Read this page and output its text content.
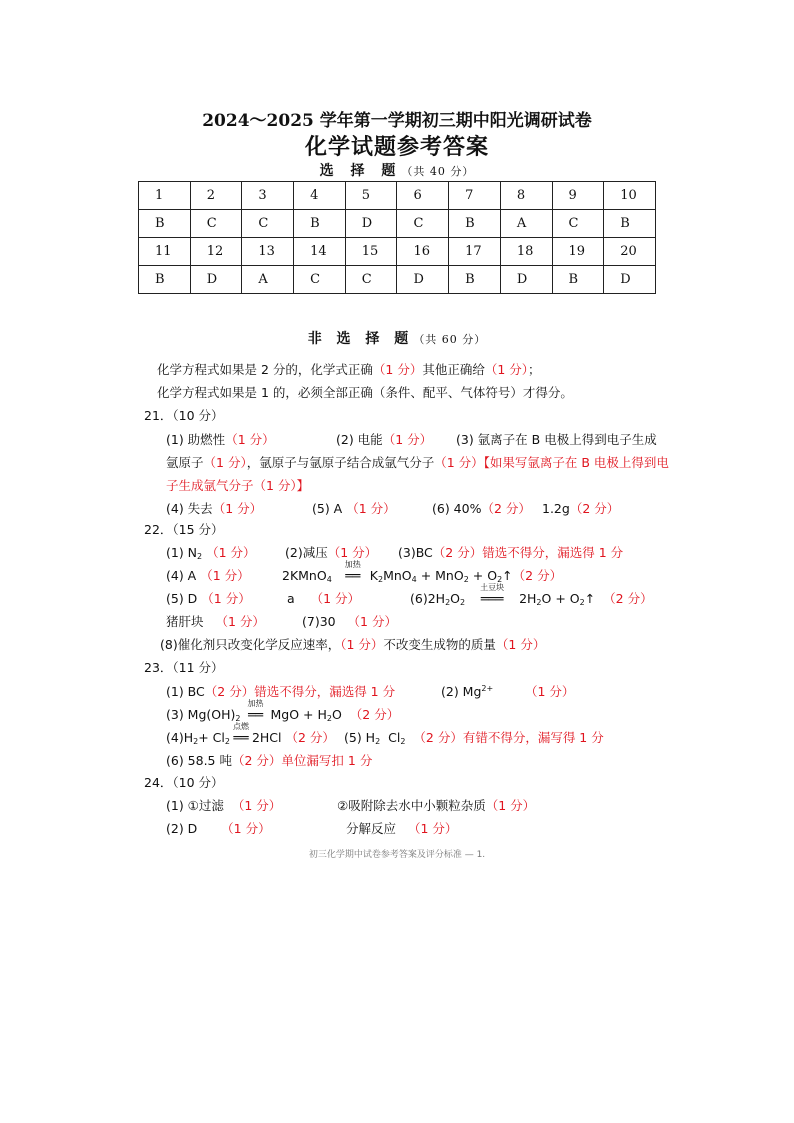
2024～2025 学年第一学期初三期中阳光调研试卷
化学试题参考答案
选 择 题（共 40 分）
1	2	3	4	5	6	7	8	9	10
B	C	C	B	D	C	B	A	C	B
11	12	13	14	15	16	17	18	19	20
B	D	A	C	C	D	B	D	B	D
非 选 择 题（共 60 分）
化学方程式如果是 2 分的，化学式正确（1 分）其他正确给（1 分）；
化学方程式如果是 1 的，必须全部正确（条件、配平、气体符号）才得分。
21．（10 分）
(1) 助燃性（1 分）	(2) 电能（1 分） (3) 氩离子在 B 电极上得到电子生成
氩原子（1 分），氩原子与氩原子结合成氩气分子（1 分）【如果写氩离子在 B 电极上得到电
子生成氩气分子（1 分）】
(4) 失去（1 分）	(5) A （1 分）	(6) 40%（2 分） 1.2g（2 分）
22．（15 分）
(1) $N_2$ （1 分） (2)减压（1 分） (3)BC（2 分）错选不得分，漏选得 1 分
(4) A （1 分）	2KMnO$_4$
加热
══ $K_2MnO_4 + MnO_2$ + $O_2↑(2$ 分）
(5) D （1 分）	a （1 分）	$(6)2H_2O_2$
土豆块
═══ $2H_2O$ + $O_2↑$  （2 分）
猪肝块 （1 分）	(7)30 （1 分）
(8)催化剂只改变化学反应速率，（1 分）不改变生成物的质量（1 分）
23．（11 分）
(1) BC（2 分）错选不得分，漏选得 1 分	(2) $Mg^{2+}$	（1 分）
(3) $Mg(OH)_2$
加热
══ MgO + $H_2O$ （2 分）
$(4)H_2+ Cl_2$
点燃
══ 2HCl （2 分） (5) $H_2$ $Cl_2$ （2 分）有错不得分，漏写得 1 分
(6) 58.5 吨（2 分）单位漏写扣 1 分
24．（10 分）
(1) ①过滤 （1 分）	②吸附除去水中小颗粒杂质（1 分）
(2) D （1 分）	分解反应 （1 分）
初三化学期中试卷参考答案及评分标准 — 1.
